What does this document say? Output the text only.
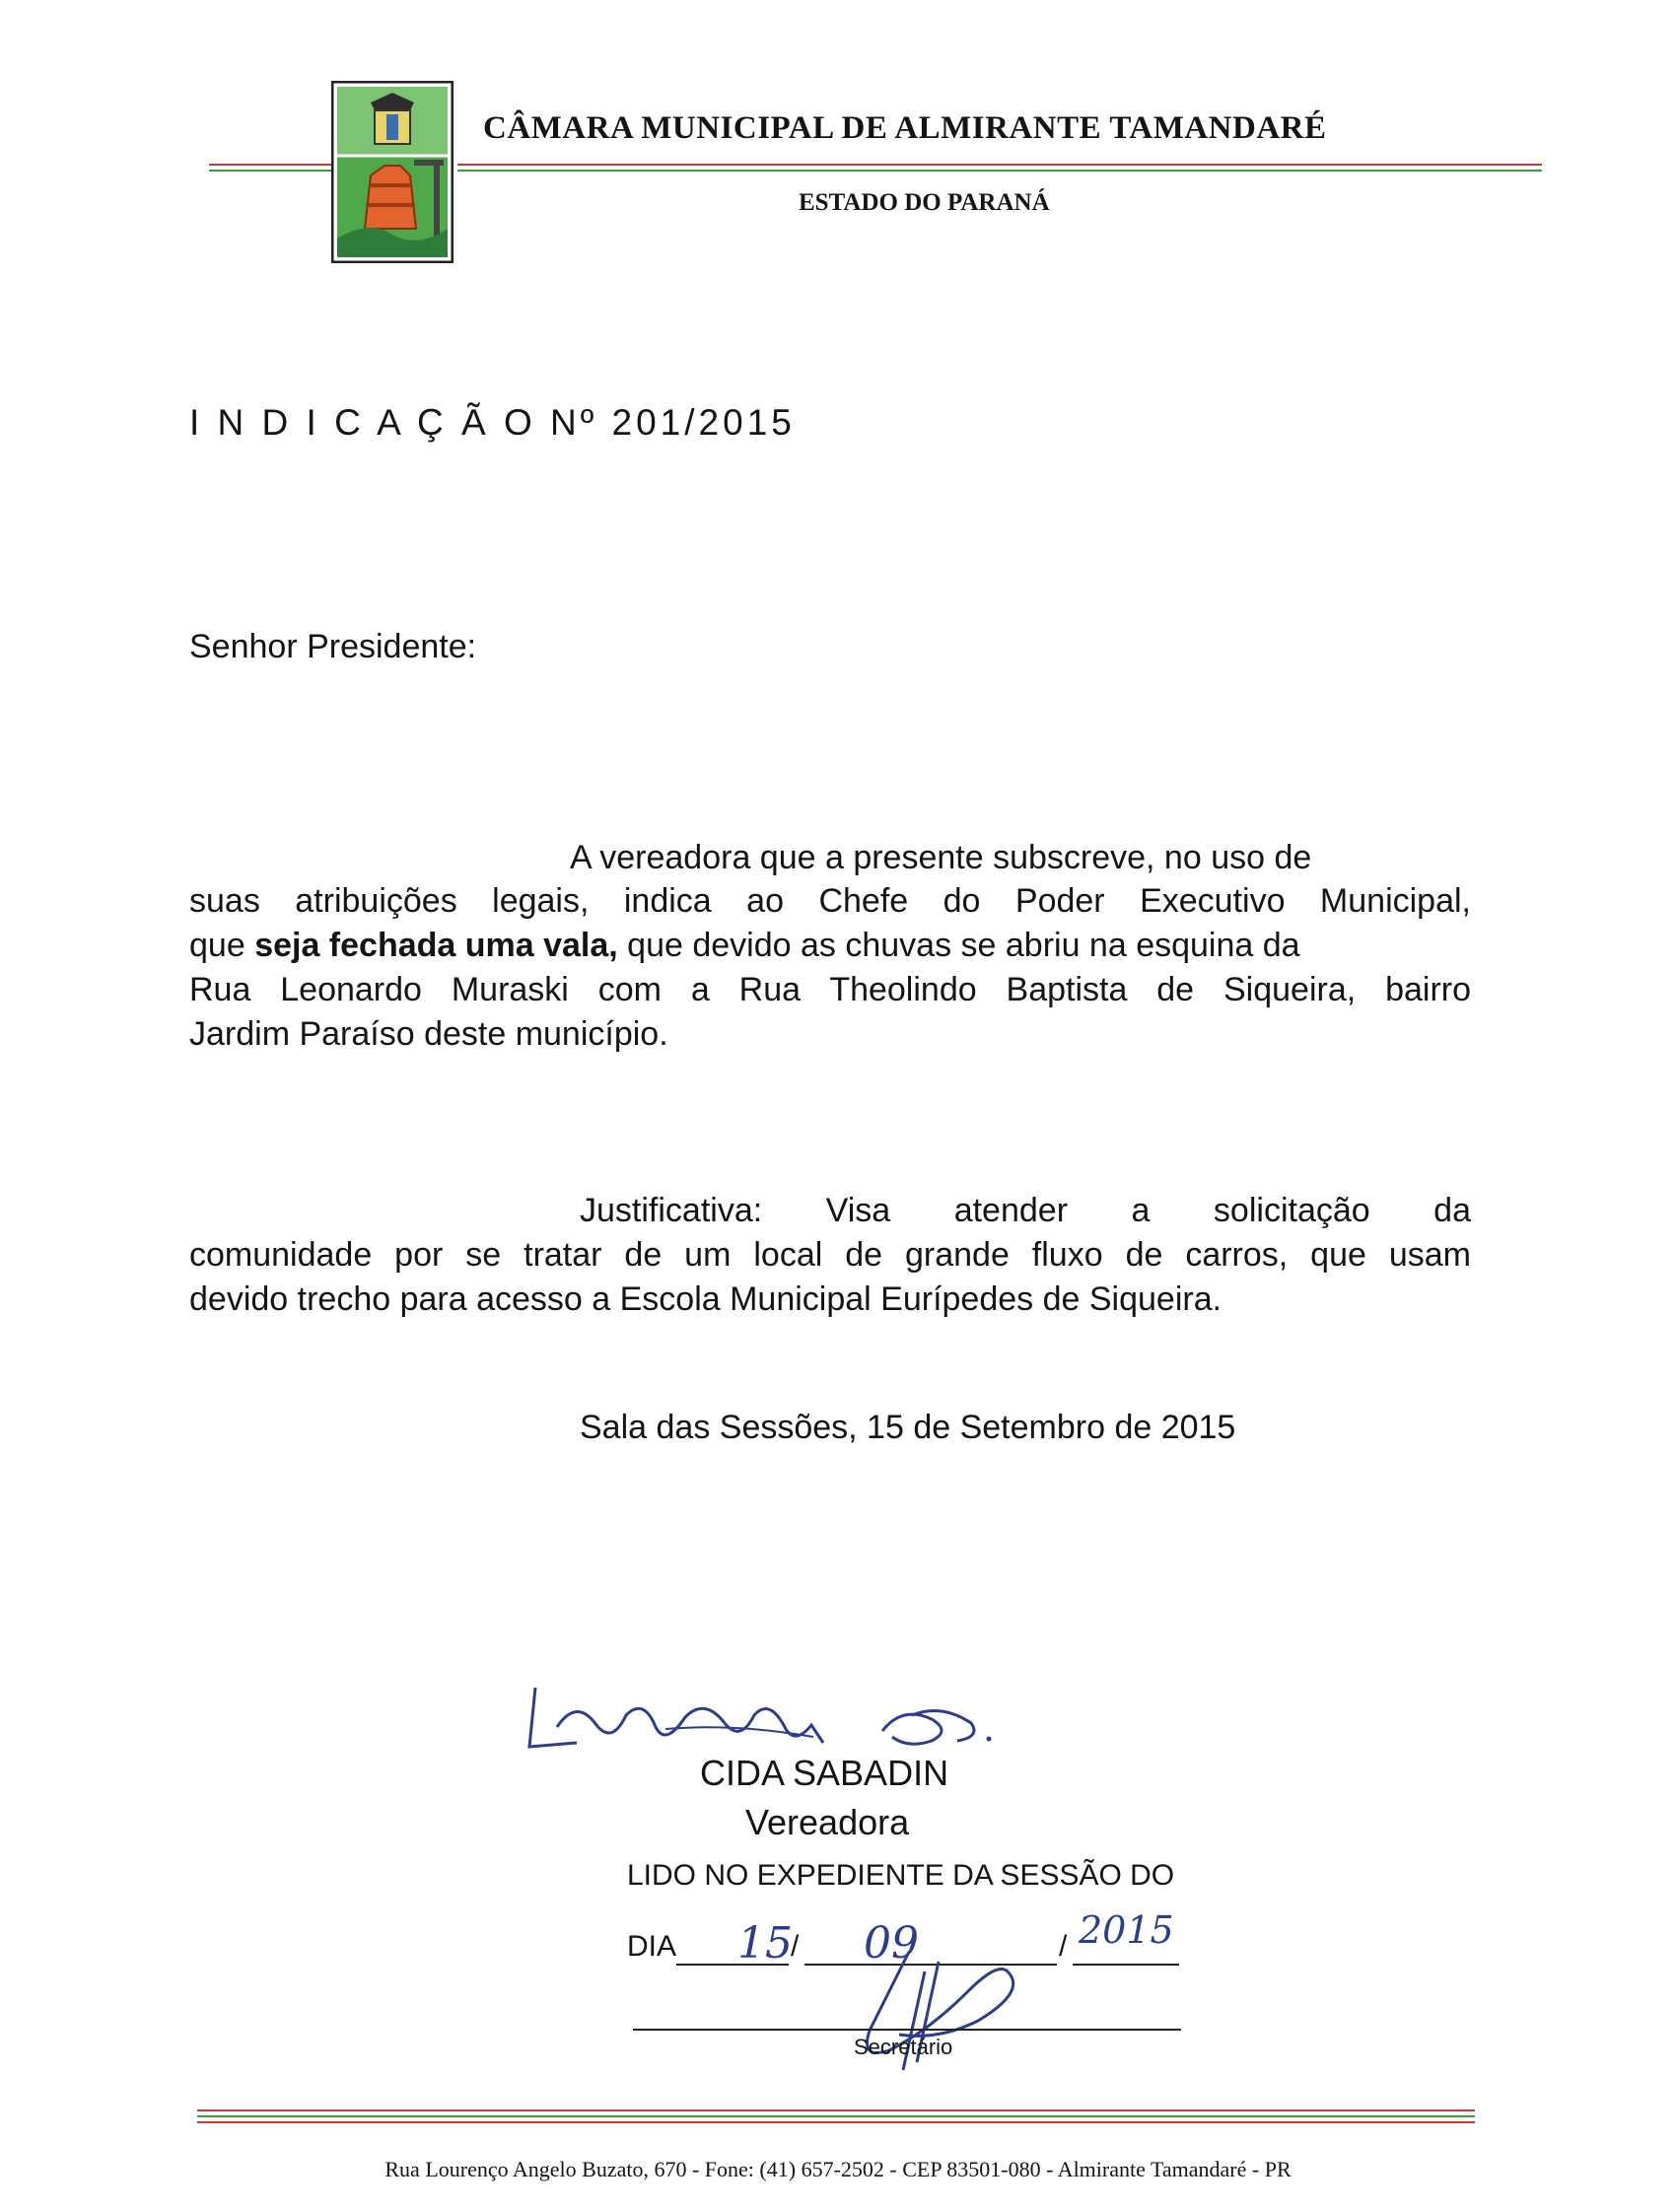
CÂMARA MUNICIPAL DE ALMIRANTE TAMANDARÉ
ESTADO DO PARANÁ
I N D I C A Ç Ã O Nº 201/2015
Senhor Presidente:
A vereadora que a presente subscreve, no uso de
suas atribuições legais, indica ao Chefe do Poder Executivo Municipal,
que seja fechada uma vala, que devido as chuvas se abriu na esquina da
Rua Leonardo Muraski com a Rua Theolindo Baptista de Siqueira, bairro
Jardim Paraíso deste município.
Justificativa: Visa atender a solicitação da
comunidade por se tratar de um local de grande fluxo de carros, que usam
devido trecho para acesso a Escola Municipal Eurípedes de Siqueira.
Sala das Sessões, 15 de Setembro de 2015
CIDA SABADIN
Vereadora
LIDO NO EXPEDIENTE DA SESSÃO DO
DIA 15
/ 09	/ 2015
Secretário
Rua Lourenço Angelo Buzato, 670 - Fone: (41) 657-2502 - CEP 83501-080 - Almirante Tamandaré - PR
